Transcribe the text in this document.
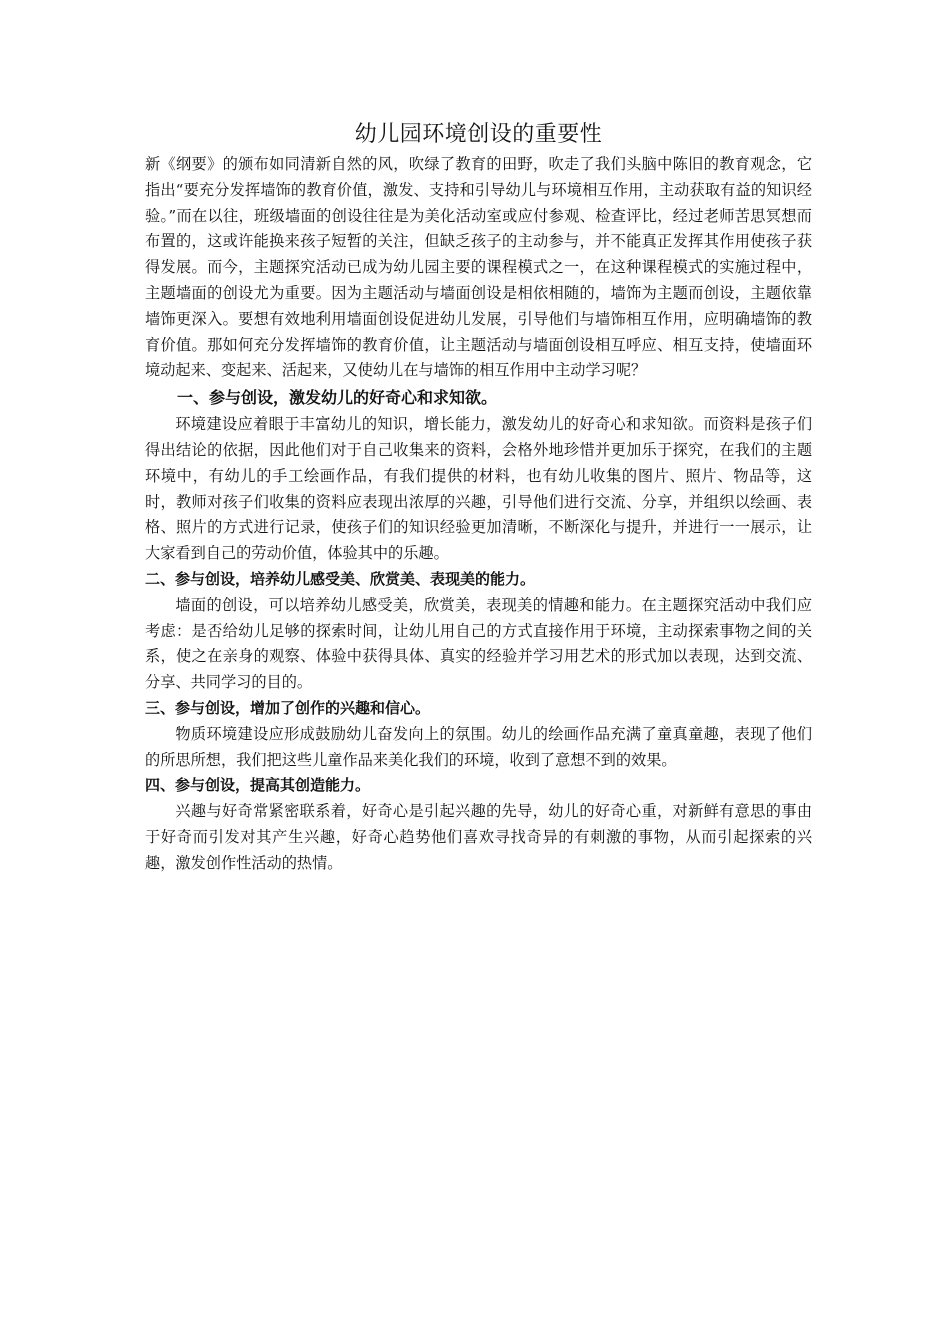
幼儿园环境创设的重要性

新《纲要》的颁布如同清新自然的风，吹绿了教育的田野，吹走了我们头脑中陈旧的教育观念，它指出“要充分发挥墙饰的教育价值，激发、支持和引导幼儿与环境相互作用，主动获取有益的知识经验。”而在以往，班级墙面的创设往往是为美化活动室或应付参观、检查评比，经过老师苦思冥想而布置的，这或许能换来孩子短暂的关注，但缺乏孩子的主动参与，并不能真正发挥其作用使孩子获得发展。而今，主题探究活动已成为幼儿园主要的课程模式之一，在这种课程模式的实施过程中，主题墙面的创设尤为重要。因为主题活动与墙面创设是相依相随的，墙饰为主题而创设，主题依靠墙饰更深入。要想有效地利用墙面创设促进幼儿发展，引导他们与墙饰相互作用，应明确墙饰的教育价值。那如何充分发挥墙饰的教育价值，让主题活动与墙面创设相互呼应、相互支持，使墙面环境动起来、变起来、活起来，又使幼儿在与墙饰的相互作用中主动学习呢？

一、参与创设，激发幼儿的好奇心和求知欲。

环境建设应着眼于丰富幼儿的知识，增长能力，激发幼儿的好奇心和求知欲。而资料是孩子们得出结论的依据，因此他们对于自己收集来的资料，会格外地珍惜并更加乐于探究，在我们的主题环境中，有幼儿的手工绘画作品，有我们提供的材料，也有幼儿收集的图片、照片、物品等，这时，教师对孩子们收集的资料应表现出浓厚的兴趣，引导他们进行交流、分享，并组织以绘画、表格、照片的方式进行记录，使孩子们的知识经验更加清晰，不断深化与提升，并进行一一展示，让大家看到自己的劳动价值，体验其中的乐趣。

二、参与创设，培养幼儿感受美、欣赏美、表现美的能力。

墙面的创设，可以培养幼儿感受美，欣赏美，表现美的情趣和能力。在主题探究活动中我们应考虑：是否给幼儿足够的探索时间，让幼儿用自己的方式直接作用于环境，主动探索事物之间的关系，使之在亲身的观察、体验中获得具体、真实的经验并学习用艺术的形式加以表现，达到交流、分享、共同学习的目的。

三、参与创设，增加了创作的兴趣和信心。

物质环境建设应形成鼓励幼儿奋发向上的氛围。幼儿的绘画作品充满了童真童趣，表现了他们的所思所想，我们把这些儿童作品来美化我们的环境，收到了意想不到的效果。

四、参与创设，提高其创造能力。

兴趣与好奇常紧密联系着，好奇心是引起兴趣的先导，幼儿的好奇心重，对新鲜有意思的事由于好奇而引发对其产生兴趣，好奇心趋势他们喜欢寻找奇异的有刺激的事物，从而引起探索的兴趣，激发创作性活动的热情。
